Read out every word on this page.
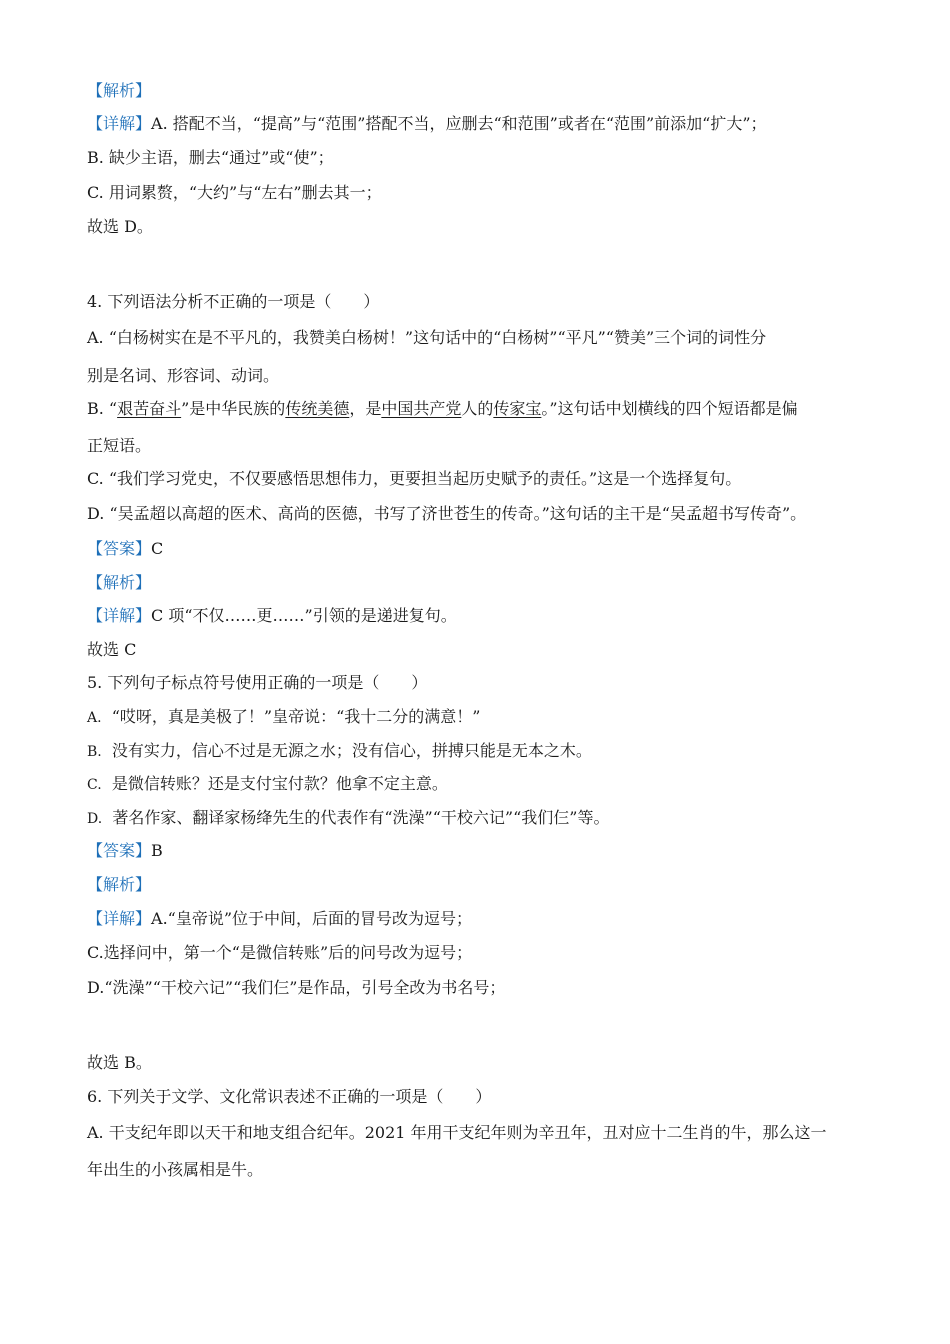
【解析】
【详解】A. 搭配不当，“提高”与“范围”搭配不当，应删去“和范围”或者在“范围”前添加“扩大”；
B. 缺少主语，删去“通过”或“使”；
C. 用词累赘，“大约”与“左右”删去其一；
故选 D。
4. 下列语法分析不正确的一项是（　　）
A. “白杨树实在是不平凡的，我赞美白杨树！”这句话中的“白杨树”“平凡”“赞美”三个词的词性分
别是名词、形容词、动词。
B. “艰苦奋斗”是中华民族的传统美德，是中国共产党人的传家宝。”这句话中划横线的四个短语都是偏
正短语。
C. “我们学习党史，不仅要感悟思想伟力，更要担当起历史赋予的责任。”这是一个选择复句。
D. “吴孟超以高超的医术、高尚的医德，书写了济世苍生的传奇。”这句话的主干是“吴孟超书写传奇”。
【答案】C
【解析】
【详解】C 项“不仅……更……”引领的是递进复句。
故选 C
5. 下列句子标点符号使用正确的一项是（　　）
A. “哎呀，真是美极了！”皇帝说：“我十二分的满意！”
B. 没有实力，信心不过是无源之水；没有信心，拼搏只能是无本之木。
C. 是微信转账？还是支付宝付款？他拿不定主意。
D. 著名作家、翻译家杨绛先生的代表作有“洗澡”“干校六记”“我们仨”等。
【答案】B
【解析】
【详解】A.“皇帝说”位于中间，后面的冒号改为逗号；
C.选择问中，第一个“是微信转账”后的问号改为逗号；
D.“洗澡”“干校六记”“我们仨”是作品，引号全改为书名号；
故选 B。
6. 下列关于文学、文化常识表述不正确的一项是（　　）
A. 干支纪年即以天干和地支组合纪年。2021 年用干支纪年则为辛丑年，丑对应十二生肖的牛，那么这一
年出生的小孩属相是牛。
